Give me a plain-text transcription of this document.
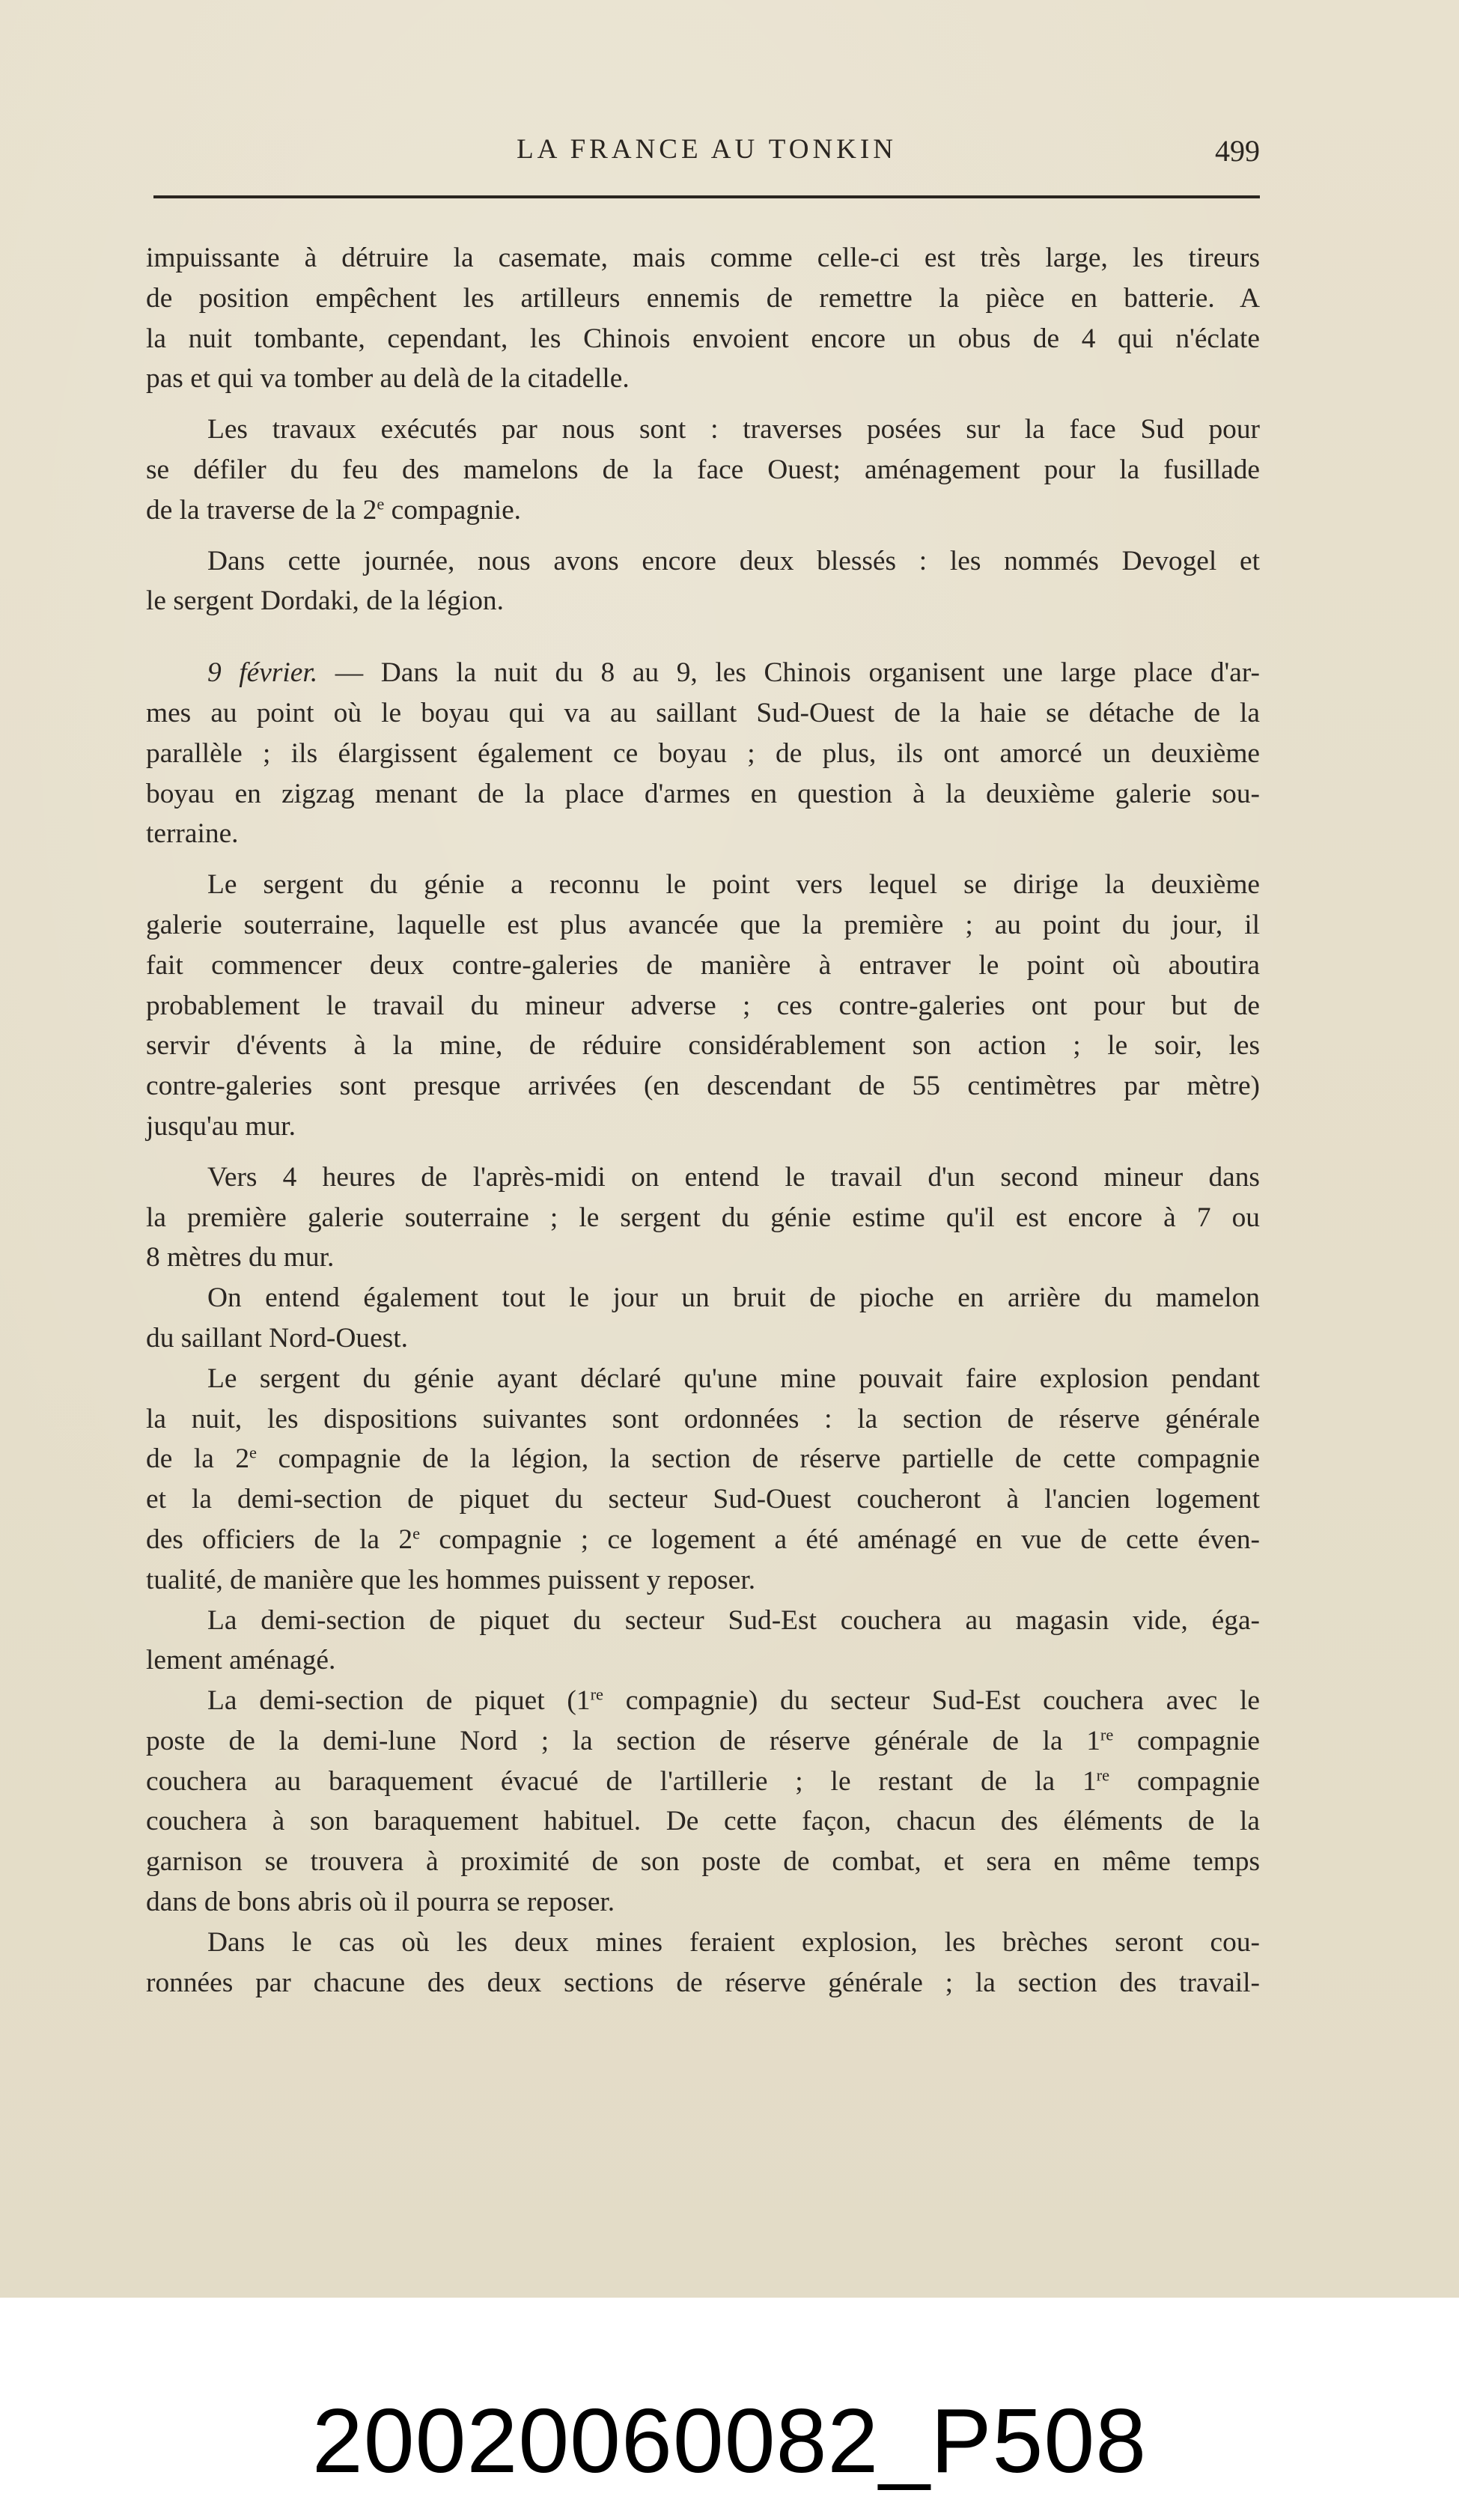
LA FRANCE AU TONKIN	499
impuissante à détruire la casemate, mais comme celle-ci est très large, les tireurs
de position empêchent les artilleurs ennemis de remettre la pièce en batterie. A
la nuit tombante, cependant, les Chinois envoient encore un obus de 4 qui n'éclate
pas et qui va tomber au delà de la citadelle.
Les travaux exécutés par nous sont : traverses posées sur la face Sud pour
se défiler du feu des mamelons de la face Ouest; aménagement pour la fusillade
de la traverse de la 2e compagnie.
Dans cette journée, nous avons encore deux blessés : les nommés Devogel et
le sergent Dordaki, de la légion.
9 février. — Dans la nuit du 8 au 9, les Chinois organisent une large place d'ar-
mes au point où le boyau qui va au saillant Sud-Ouest de la haie se détache de la
parallèle ; ils élargissent également ce boyau ; de plus, ils ont amorcé un deuxième
boyau en zigzag menant de la place d'armes en question à la deuxième galerie sou-
terraine.
Le sergent du génie a reconnu le point vers lequel se dirige la deuxième
galerie souterraine, laquelle est plus avancée que la première ; au point du jour, il
fait commencer deux contre-galeries de manière à entraver le point où aboutira
probablement le travail du mineur adverse ; ces contre-galeries ont pour but de
servir d'évents à la mine, de réduire considérablement son action ; le soir, les
contre-galeries sont presque arrivées (en descendant de 55 centimètres par mètre)
jusqu'au mur.
Vers 4 heures de l'après-midi on entend le travail d'un second mineur dans
la première galerie souterraine ; le sergent du génie estime qu'il est encore à 7 ou
8 mètres du mur.
On entend également tout le jour un bruit de pioche en arrière du mamelon
du saillant Nord-Ouest.
Le sergent du génie ayant déclaré qu'une mine pouvait faire explosion pendant
la nuit, les dispositions suivantes sont ordonnées : la section de réserve générale
de la 2e compagnie de la légion, la section de réserve partielle de cette compagnie
et la demi-section de piquet du secteur Sud-Ouest coucheront à l'ancien logement
des officiers de la 2e compagnie ; ce logement a été aménagé en vue de cette éven-
tualité, de manière que les hommes puissent y reposer.
La demi-section de piquet du secteur Sud-Est couchera au magasin vide, éga-
lement aménagé.
La demi-section de piquet (1re compagnie) du secteur Sud-Est couchera avec le
poste de la demi-lune Nord ; la section de réserve générale de la 1re compagnie
couchera au baraquement évacué de l'artillerie ; le restant de la 1re compagnie
couchera à son baraquement habituel. De cette façon, chacun des éléments de la
garnison se trouvera à proximité de son poste de combat, et sera en même temps
dans de bons abris où il pourra se reposer.
Dans le cas où les deux mines feraient explosion, les brèches seront cou-
ronnées par chacune des deux sections de réserve générale ; la section des travail-
20020060082_P508
